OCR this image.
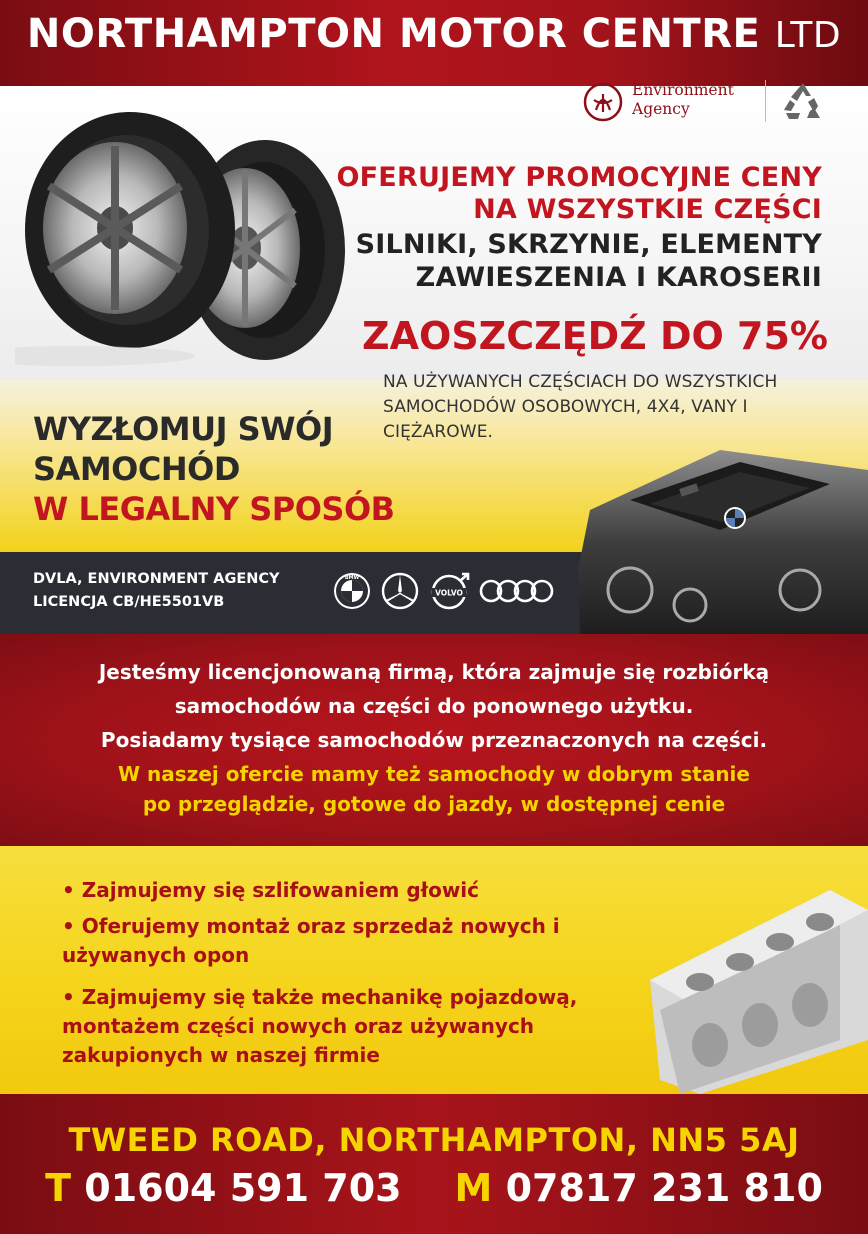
NORTHAMPTON MOTOR CENTRE LTD
Environment
Agency
OFERUJEMY PROMOCYJNE CENY
NA WSZYSTKIE CZĘŚCI
SILNIKI, SKRZYNIE, ELEMENTY
ZAWIESZENIA I KAROSERII
ZAOSZCZĘDŹ DO 75%
NA UŻYWANYCH CZĘŚCIACH DO WSZYSTKICH
SAMOCHODÓW OSOBOWYCH, 4X4, VANY I
CIĘŻAROWE.
WYZŁOMUJ SWÓJ
SAMOCHÓD
W LEGALNY SPOSÓB
DVLA, ENVIRONMENT AGENCY
LICENCJA CB/HE5501VB
BMW
VOLVO
Jesteśmy licencjonowaną firmą, która zajmuje się rozbiórką
samochodów na części do ponownego użytku.
Posiadamy tysiące samochodów przeznaczonych na części.
W naszej ofercie mamy też samochody w dobrym stanie
po przeglądzie, gotowe do jazdy, w dostępnej cenie
• Zajmujemy się szlifowaniem głowić
• Oferujemy montaż oraz sprzedaż nowych i używanych opon
• Zajmujemy się także mechanikę pojazdową, montażem części nowych oraz używanych zakupionych w naszej firmie
TWEED ROAD, NORTHAMPTON, NN5 5AJ
T 01604 591 703 M 07817 231 810
